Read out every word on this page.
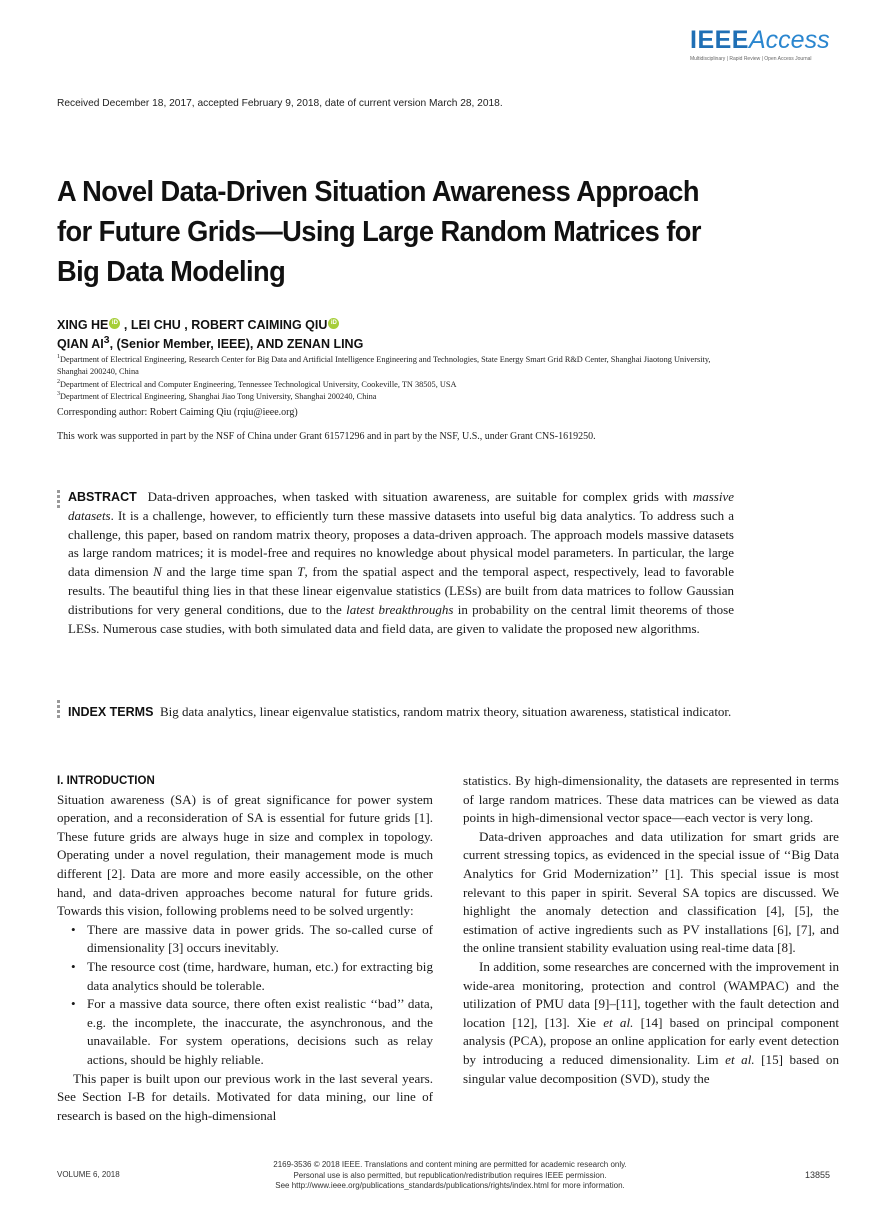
IEEEAccess
Multidisciplinary | Rapid Review | Open Access Journal
Received December 18, 2017, accepted February 9, 2018, date of current version March 28, 2018.
A Novel Data-Driven Situation Awareness Approach for Future Grids—Using Large Random Matrices for Big Data Modeling
XING HE iD , LEI CHU , ROBERT CAIMING QIU iD
QIAN $AI^3$, (Senior Member, IEEE), AND ZENAN LING
$^1$Department of Electrical Engineering, Research Center for Big Data and Artificial Intelligence Engineering and Technologies, State Energy Smart Grid R&D Center, Shanghai Jiaotong University, Shanghai 200240, China
$^2$Department of Electrical and Computer Engineering, Tennessee Technological University, Cookeville, TN 38505, USA
$^3$Department of Electrical Engineering, Shanghai Jiao Tong University, Shanghai 200240, China
Corresponding author: Robert Caiming Qiu (rqiu@ieee.org)
This work was supported in part by the NSF of China under Grant 61571296 and in part by the NSF, U.S., under Grant CNS-1619250.
ABSTRACT Data-driven approaches, when tasked with situation awareness, are suitable for complex grids with massive datasets. It is a challenge, however, to efficiently turn these massive datasets into useful big data analytics. To address such a challenge, this paper, based on random matrix theory, proposes a data-driven approach. The approach models massive datasets as large random matrices; it is model-free and requires no knowledge about physical model parameters. In particular, the large data dimension N and the large time span T, from the spatial aspect and the temporal aspect, respectively, lead to favorable results. The beautiful thing lies in that these linear eigenvalue statistics (LESs) are built from data matrices to follow Gaussian distributions for very general conditions, due to the latest breakthroughs in probability on the central limit theorems of those LESs. Numerous case studies, with both simulated data and field data, are given to validate the proposed new algorithms.
INDEX TERMS Big data analytics, linear eigenvalue statistics, random matrix theory, situation awareness, statistical indicator.
I. INTRODUCTION
Situation awareness (SA) is of great significance for power system operation, and a reconsideration of SA is essential for future grids [1]. These future grids are always huge in size and complex in topology. Operating under a novel regulation, their management mode is much different [2]. Data are more and more easily accessible, on the other hand, and data-driven approaches become natural for future grids. Towards this vision, following problems need to be solved urgently:
• There are massive data in power grids. The so-called curse of dimensionality [3] occurs inevitably.
• The resource cost (time, hardware, human, etc.) for extracting big data analytics should be tolerable.
• For a massive data source, there often exist realistic ‘‘bad’’ data, e.g. the incomplete, the inaccurate, the asynchronous, and the unavailable. For system operations, decisions such as relay actions, should be highly reliable.
This paper is built upon our previous work in the last several years. See Section I-B for details. Motivated for data mining, our line of research is based on the high-dimensional
statistics. By high-dimensionality, the datasets are represented in terms of large random matrices. These data matrices can be viewed as data points in high-dimensional vector space—each vector is very long.
Data-driven approaches and data utilization for smart grids are current stressing topics, as evidenced in the special issue of ‘‘Big Data Analytics for Grid Modernization’’ [1]. This special issue is most relevant to this paper in spirit. Several SA topics are discussed. We highlight the anomaly detection and classification [4], [5], the estimation of active ingredients such as PV installations [6], [7], and the online transient stability evaluation using real-time data [8].
In addition, some researches are concerned with the improvement in wide-area monitoring, protection and control (WAMPAC) and the utilization of PMU data [9]–[11], together with the fault detection and location [12], [13]. Xie et al. [14] based on principal component analysis (PCA), propose an online application for early event detection by introducing a reduced dimensionality. Lim et al. [15] based on singular value decomposition (SVD), study the
VOLUME 6, 2018
2169-3536 © 2018 IEEE. Translations and content mining are permitted for academic research only.
Personal use is also permitted, but republication/redistribution requires IEEE permission.
See http://www.ieee.org/publications_standards/publications/rights/index.html for more information.
13855
